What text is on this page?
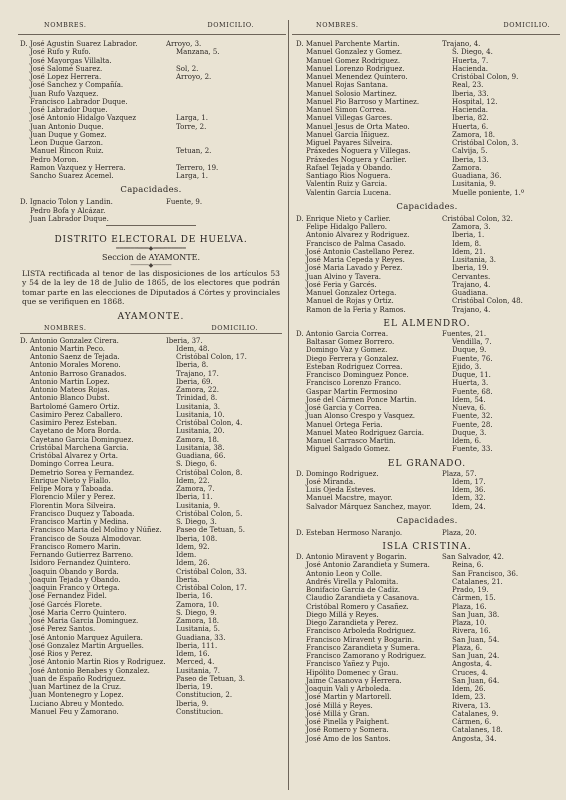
NOMBRES.	DOMICILIO.	NOMBRES.	DOMICILIO.
D. José Agustin Suarez Labrador.	Arroyo, 3.
José Rufo y Rufo.	Manzana, 5.
José Mayorgas Villalta.
José Salomé Suarez.	Sol, 2.
José Lopez Herrera.	Arroyo, 2.
José Sanchez y Compañía.
Juan Rufo Vazquez.
Francisco Labrador Duque.
José Labrador Duque.
José Antonio Hidalgo Vazquez	Larga, 1.
Juan Antonio Duque.	Torre, 2.
Juan Duque y Gomez.
Leon Duque Garzon.
Manuel Rincon Ruiz.	Tetuan, 2.
Pedro Moron.
Ramon Vazquez y Herrera.	Terrero, 19.
Sancho Suarez Acemel.	Larga, 1.
Capacidades.
D. Ignacio Tolon y Landin.	Fuente, 9.
Pedro Bofa y Alcázar.
Juan Labrador Duque.
DISTRITO ELECTORAL DE HUELVA.
━━━━━━═══◆═══━━━━━━
Seccion de AYAMONTE.
─────◆─────
LISTA rectificada al tenor de las disposiciones de los artículos 53 y 54 de la ley de 18 de Julio de 1865, de los electores que podrán tomar parte en las elecciones de Diputados á Córtes y provinciales que se verifiquen en 1868.
AYAMONTE.
NOMBRES.	DOMICILIO.
D. Antonio Gonzalez Cirera.	Iberia, 37.
Antonio Martin Peco.	Idem, 48.
Antonio Saenz de Tejada.	Cristóbal Colon, 17.
Antonio Morales Moreno.	Iberia, 8.
Antonio Barroso Granados.	Trajano, 17.
Antonio Martin Lopez.	Iberia, 69.
Antonio Mateos Rojas.	Zamora, 22.
Antonio Blanco Dubst.	Trinidad, 8.
Bartolomé Gamero Ortiz.	Lusitania, 3.
Casimiro Perez Caballero.	Lusitania, 10.
Casimiro Perez Esteban.	Cristóbal Colon, 4.
Cayetano de Mora Borda.	Lusitania, 20.
Cayetano Garcia Dominguez.	Zamora, 18.
Cristóbal Marchena Garcia.	Lusitania, 38.
Cristóbal Alvarez y Orta.	Guadiana, 66.
Domingo Correa Leura.	S. Diego, 6.
Demetrio Sorea y Fernandez.	Cristóbal Colon, 8.
Enrique Nieto y Fiallo.	Idem, 22.
Felipe Mora y Taboada.	Zamora, 7.
Florencio Miler y Perez.	Iberia, 11.
Florentin Mora Silveira.	Lusitania, 9.
Francisco Duquez y Taboada.	Cristóbal Colon, 5.
Francisco Martin y Medina.	S. Diego, 3.
Francisco Maria del Molino y Núñez.	Paseo de Tetuan, 5.
Francisco de Souza Almodovar.	Iberia, 108.
Francisco Romero Marin.	Idem, 92.
Fernando Gutierrez Barreno.	Idem.
Isidoro Fernandez Quintero.	Idem, 26.
Joaquin Obando y Borda.	Cristóbal Colon, 33.
Joaquin Tejada y Obando.	Iberia.
Joaquin Franco y Ortega.	Cristóbal Colon, 17.
José Fernandez Fidel.	Iberia, 16.
José Garcés Florete.	Zamora, 10.
José Maria Cerro Quintero.	S. Diego, 9.
José Maria Garcia Dominguez.	Zamora, 18.
José Perez Santos.	Lusitania, 5.
José Antonio Marquez Aguilera.	Guadiana, 33.
José Gonzalez Martin Arguelles.	Iberia, 111.
José Rios y Perez.	Idem, 16.
José Antonio Martin Rios y Rodriguez.	Merced, 4.
José Antonio Benabes y Gonzalez.	Lusitania, 7.
Juan de Españo Rodriguez.	Paseo de Tetuan, 3.
Juan Martinez de la Cruz.	Iberia, 19.
Juan Montenegro y Lopez.	Constitucion, 2.
Luciano Abreu y Montedo.	Iberia, 9.
Manuel Feu y Zamorano.	Constitucion.
D. Manuel Parchente Martin.	Trajano, 4.
Manuel Gonzalez y Gomez.	S. Diego, 4.
Manuel Gomez Rodriguez.	Huerta, 7.
Manuel Lorenzo Rodriguez.	Hacienda.
Manuel Menendez Quintero.	Cristóbal Colon, 9.
Manuel Rojas Santana.	Real, 23.
Manuel Solosio Martinez.	Iberia, 33.
Manuel Pio Barroso y Martinez.	Hospital, 12.
Manuel Simon Correa.	Hacienda.
Manuel Villegas Garces.	Iberia, 82.
Manuel Jesus de Orta Mateo.	Huerta, 6.
Manuel Garcia Iñiguez.	Zamora, 18.
Miguel Payares Silveira.	Cristóbal Colon, 3.
Práxedes Noguera y Villegas.	Calvija, 5.
Práxedes Noguera y Carlier.	Iberia, 13.
Rafael Tejada y Obando.	Zamora.
Santiago Rios Noguera.	Guadiana, 36.
Valentin Ruiz y Garcia.	Lusitania, 9.
Valentin Garcia Lucena.	Muelle poniente, 1.º
Capacidades.
D. Enrique Nieto y Carlier.	Cristóbal Colon, 32.
Felipe Hidalgo Pallero.	Zamora, 3.
Antonio Alvarez y Rodriguez.	Iberia, 1.
Francisco de Palma Casado.	Idem, 8.
José Antonio Castellano Perez.	Idem, 21.
José Maria Cepeda y Reyes.	Lusitania, 3.
José Maria Lavado y Perez.	Iberia, 19.
Juan Alvino y Tavera.	Cervantes.
José Feria y Garcés.	Trajano, 4.
Manuel Gonzalez Ortega.	Guadiana.
Manuel de Rojas y Ortiz.	Cristóbal Colon, 48.
Ramon de la Feria y Ramos.	Trajano, 4.
EL ALMENDRO.
D. Antonio Garcia Correa.	Fuentes, 21.
Baltasar Gomez Borrero.	Vendilla, 7.
Domingo Vaz y Gomez.	Duque, 9.
Diego Ferrera y Gonzalez.	Fuente, 76.
Esteban Rodriguez Correa.	Ejido, 3.
Francisco Dominguez Ponce.	Duque, 11.
Francisco Lorenzo Franco.	Huerta, 3.
Gaspar Martin Fermosino	Fuente, 68.
José del Cármen Ponce Martin.	Idem, 54.
José Garcia y Correa.	Nueva, 6.
Juan Alonso Crespo y Vasquez.	Fuente, 32.
Manuel Ortega Feria.	Fuente, 28.
Manuel Mateo Rodriguez Garcia.	Duque, 3.
Manuel Carrasco Martin.	Idem, 6.
Miguel Salgado Gomez.	Fuente, 33.
EL GRANADO.
D. Domingo Rodriguez.	Plaza, 57.
José Miranda.	Idem, 17.
Luis Ojeda Esteves.	Idem, 36.
Manuel Macstre, mayor.	Idem, 32.
Salvador Márquez Sanchez, mayor.	Idem, 24.
Capacidades.
D. Esteban Hermoso Naranjo.	Plaza, 20.
ISLA CRISTINA.
D. Antonio Miravent y Bogarin.	San Salvador, 42.
José Antonio Zarandieta y Sumera.	Reina, 6.
Antonio Leon y Colle.	San Francisco, 36.
Andrés Virella y Palomita.	Catalanes, 21.
Bonifacio Garcia de Cadiz.	Prado, 19.
Claudio Zarandieta y Casanova.	Cármen, 15.
Cristóbal Romero y Casañez.	Plaza, 16.
Diego Millá y Reyes.	San Juan, 38.
Diego Zarandieta y Perez.	Plaza, 10.
Francisco Arboleda Rodriguez.	Rivera, 16.
Francisco Miravent y Bogarin.	San Juan, 54.
Francisco Zarandieta y Sumera.	Plaza, 6.
Francisco Zamorano y Rodriguez.	San Juan, 24.
Francisco Yañez y Pujo.	Angosta, 4.
Hipólito Domenec y Grau.	Cruces, 4.
Jaime Casanova y Herrera.	San Juan, 64.
Joaquin Vali y Arboleda.	Idem, 26.
José Martin y Martorell.	Idem, 23.
José Millá y Reyes.	Rivera, 13.
José Millá y Gran.	Catalanes, 9.
José Pinella y Paighent.	Cármen, 6.
José Romero y Somera.	Catalanes, 18.
José Amo de los Santos.	Angosta, 34.
